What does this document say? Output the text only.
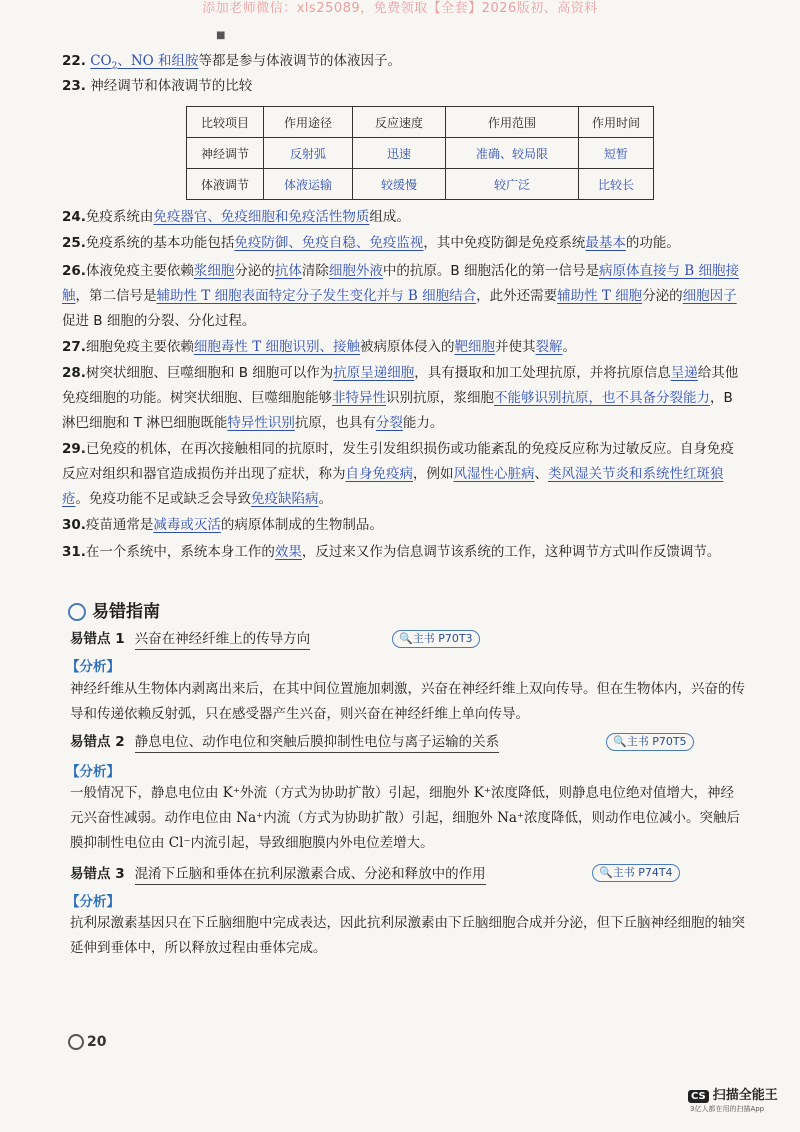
添加老师微信：xls25089，免费领取【全套】2026版初、高资料
■
22. $CO_2$、NO 和组胺等都是参与体液调节的体液因子。
23. 神经调节和体液调节的比较
比较项目	作用途径	反应速度	作用范围	作用时间
神经调节	反射弧	迅速	准确、较局限	短暂
体液调节	体液运输	较缓慢	较广泛	比较长
24.免疫系统由免疫器官、免疫细胞和免疫活性物质组成。
25.免疫系统的基本功能包括免疫防御、免疫自稳、免疫监视，其中免疫防御是免疫系统最基本的功能。
26.体液免疫主要依赖浆细胞分泌的抗体清除细胞外液中的抗原。B 细胞活化的第一信号是病原体直接与 B 细胞接触，第二信号是辅助性 T 细胞表面特定分子发生变化并与 B 细胞结合，此外还需要辅助性 T 细胞分泌的细胞因子促进 B 细胞的分裂、分化过程。
27.细胞免疫主要依赖细胞毒性 T 细胞识别、接触被病原体侵入的靶细胞并使其裂解。
28.树突状细胞、巨噬细胞和 B 细胞可以作为抗原呈递细胞，具有摄取和加工处理抗原，并将抗原信息呈递给其他免疫细胞的功能。树突状细胞、巨噬细胞能够非特异性识别抗原，浆细胞不能够识别抗原，也不具备分裂能力，B 淋巴细胞和 T 淋巴细胞既能特异性识别抗原，也具有分裂能力。
29.已免疫的机体，在再次接触相同的抗原时，发生引发组织损伤或功能紊乱的免疫反应称为过敏反应。自身免疫反应对组织和器官造成损伤并出现了症状，称为自身免疫病，例如风湿性心脏病、类风湿关节炎和系统性红斑狼疮。免疫功能不足或缺乏会导致免疫缺陷病。
30.疫苗通常是减毒或灭活的病原体制成的生物制品。
31.在一个系统中，系统本身工作的效果，反过来又作为信息调节该系统的工作，这种调节方式叫作反馈调节。
易错指南
易错点 1 兴奋在神经纤维上的传导方向	🔍主书 P70T3
【分析】
神经纤维从生物体内剥离出来后，在其中间位置施加刺激，兴奋在神经纤维上双向传导。但在生物体内，兴奋的传导和传递依赖反射弧，只在感受器产生兴奋，则兴奋在神经纤维上单向传导。
易错点 2 静息电位、动作电位和突触后膜抑制性电位与离子运输的关系	🔍主书 P70T5
【分析】
一般情况下，静息电位由 K⁺外流（方式为协助扩散）引起，细胞外 K⁺浓度降低，则静息电位绝对值增大，神经元兴奋性减弱。动作电位由 Na⁺内流（方式为协助扩散）引起，细胞外 Na⁺浓度降低，则动作电位减小。突触后膜抑制性电位由 Cl⁻内流引起，导致细胞膜内外电位差增大。
易错点 3 混淆下丘脑和垂体在抗利尿激素合成、分泌和释放中的作用	🔍主书 P74T4
【分析】
抗利尿激素基因只在下丘脑细胞中完成表达，因此抗利尿激素由下丘脑细胞合成并分泌，但下丘脑神经细胞的轴突延伸到垂体中，所以释放过程由垂体完成。
20
CS 扫描全能王
3亿人都在用的扫描App
